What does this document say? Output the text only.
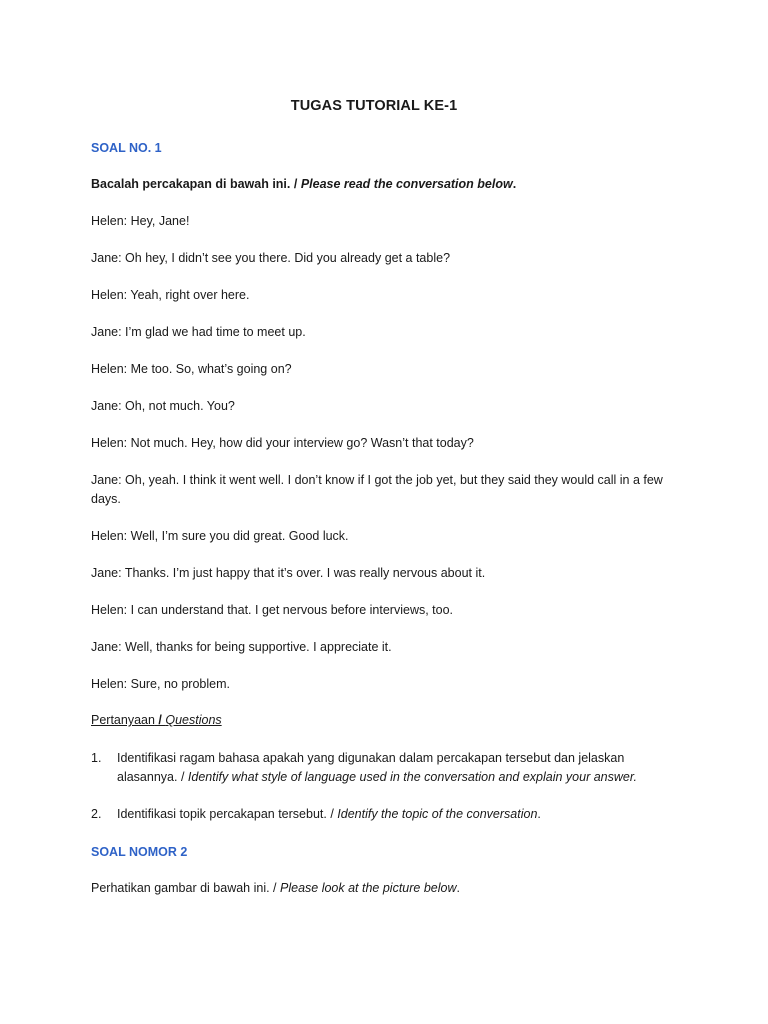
TUGAS TUTORIAL KE-1
SOAL NO. 1
Bacalah percakapan di bawah ini. / Please read the conversation below.
Helen: Hey, Jane!
Jane: Oh hey, I didn’t see you there. Did you already get a table?
Helen: Yeah, right over here.
Jane: I’m glad we had time to meet up.
Helen: Me too. So, what’s going on?
Jane: Oh, not much. You?
Helen: Not much. Hey, how did your interview go? Wasn’t that today?
Jane: Oh, yeah. I think it went well. I don’t know if I got the job yet, but they said they would call in a few days.
Helen: Well, I’m sure you did great. Good luck.
Jane: Thanks. I’m just happy that it’s over. I was really nervous about it.
Helen: I can understand that. I get nervous before interviews, too.
Jane: Well, thanks for being supportive. I appreciate it.
Helen: Sure, no problem.
Pertanyaan / Questions
1. Identifikasi ragam bahasa apakah yang digunakan dalam percakapan tersebut dan jelaskan alasannya. / Identify what style of language used in the conversation and explain your answer.
2. Identifikasi topik percakapan tersebut. / Identify the topic of the conversation.
SOAL NOMOR 2
Perhatikan gambar di bawah ini. / Please look at the picture below.
